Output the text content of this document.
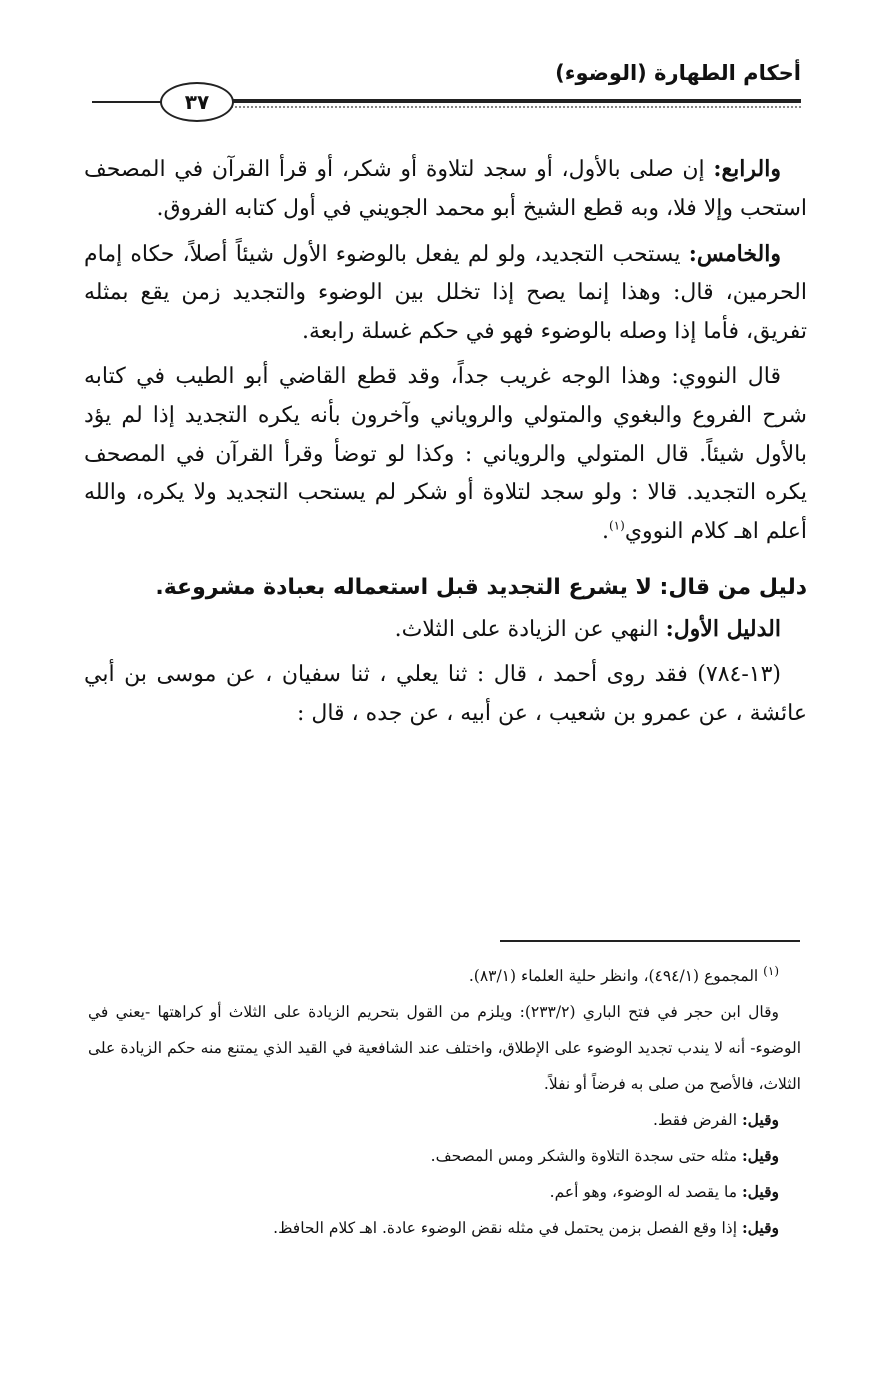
أحكام الطهارة (الوضوء)
٣٧

والرابع: إن صلى بالأول، أو سجد لتلاوة أو شكر، أو قرأ القرآن في المصحف استحب وإلا فلا، وبه قطع الشيخ أبو محمد الجويني في أول كتابه الفروق.

والخامس: يستحب التجديد، ولو لم يفعل بالوضوء الأول شيئاً أصلاً، حكاه إمام الحرمين، قال: وهذا إنما يصح إذا تخلل بين الوضوء والتجديد زمن يقع بمثله تفريق، فأما إذا وصله بالوضوء فهو في حكم غسلة رابعة.

قال النووي: وهذا الوجه غريب جداً، وقد قطع القاضي أبو الطيب في كتابه شرح الفروع والبغوي والمتولي والروياني وآخرون بأنه يكره التجديد إذا لم يؤد بالأول شيئاً. قال المتولي والروياني : وكذا لو توضأ وقرأ القرآن في المصحف يكره التجديد. قالا : ولو سجد لتلاوة أو شكر لم يستحب التجديد ولا يكره، والله أعلم اهـ كلام النووي$^{(١)}$.

دليل من قال: لا يشرع التجديد قبل استعماله بعبادة مشروعة.

الدليل الأول: النهي عن الزيادة على الثلاث.

(١٣-٧٨٤) فقد روى أحمد ، قال : ثنا يعلي ، ثنا سفيان ، عن موسى بن أبي عائشة ، عن عمرو بن شعيب ، عن أبيه ، عن جده ، قال :

$^{(١)}$ المجموع (٤٩٤/١)، وانظر حلية العلماء (٨٣/١).

وقال ابن حجر في فتح الباري (٢٣٣/٢): ويلزم من القول بتحريم الزيادة على الثلاث أو كراهتها -يعني في الوضوء- أنه لا يندب تجديد الوضوء على الإطلاق، واختلف عند الشافعية في القيد الذي يمتنع منه حكم الزيادة على الثلاث، فالأصح من صلى به فرضاً أو نفلاً.

وقيل: الفرض فقط.

وقيل: مثله حتى سجدة التلاوة والشكر ومس المصحف.

وقيل: ما يقصد له الوضوء، وهو أعم.

وقيل: إذا وقع الفصل بزمن يحتمل في مثله نقض الوضوء عادة. اهـ كلام الحافظ.
